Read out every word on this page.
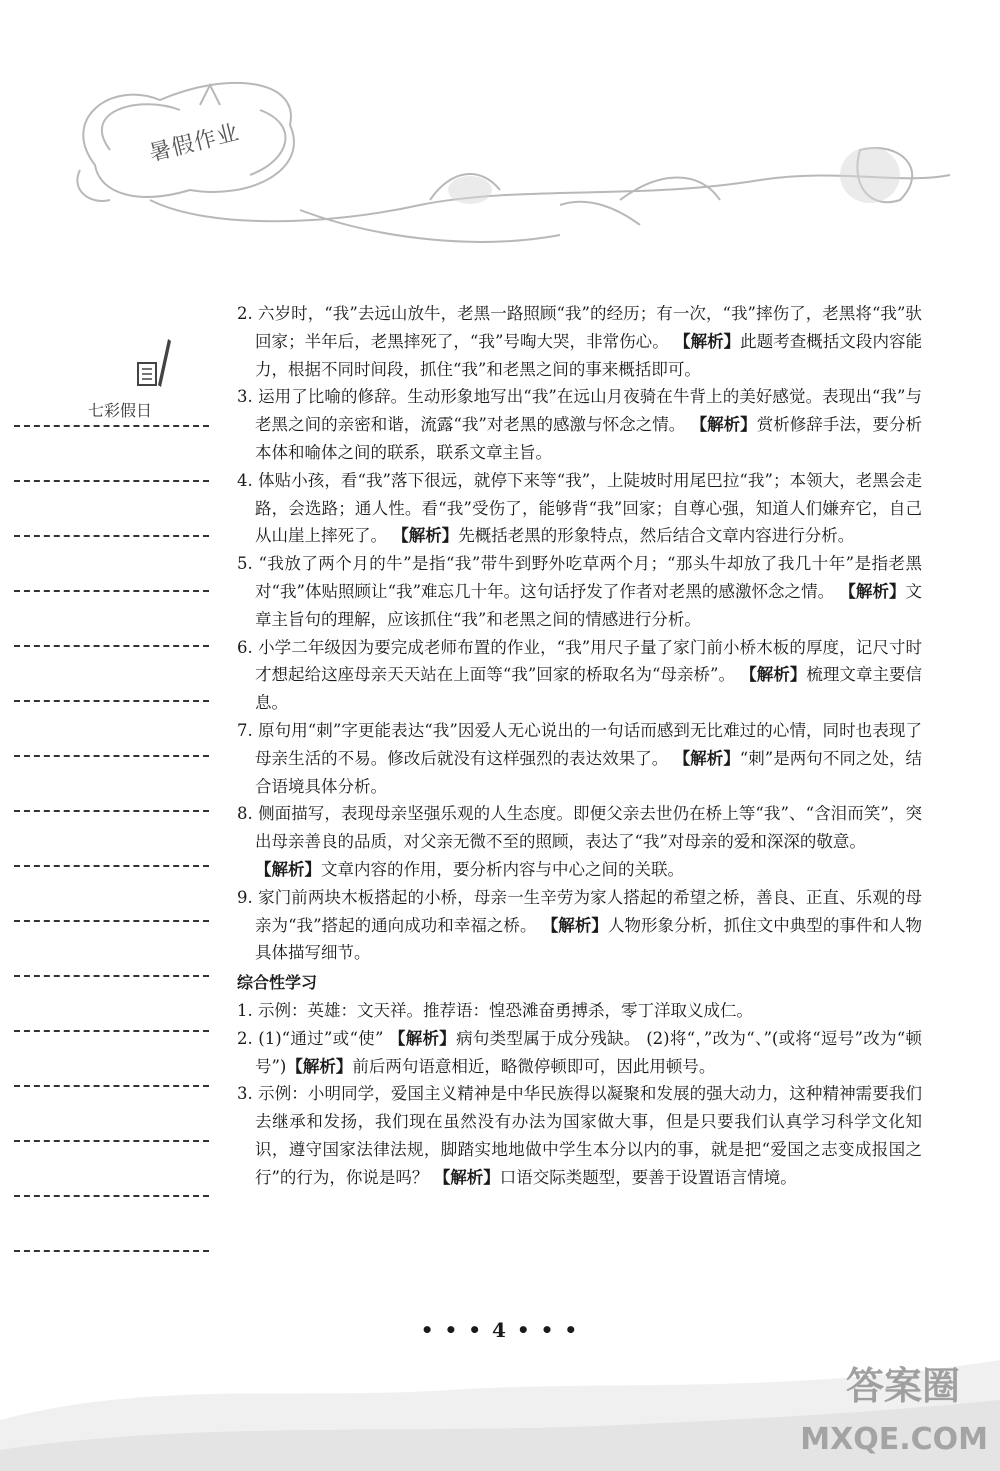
暑假作业
七彩假日

2. 六岁时，“我”去远山放牛，老黑一路照顾“我”的经历；有一次，“我”摔伤了，老黑将“我”驮回家；半年后，老黑摔死了，“我”号啕大哭，非常伤心。 【解析】此题考查概括文段内容能力，根据不同时间段，抓住“我”和老黑之间的事来概括即可。

3. 运用了比喻的修辞。生动形象地写出“我”在远山月夜骑在牛背上的美好感觉。表现出“我”与老黑之间的亲密和谐，流露“我”对老黑的感激与怀念之情。 【解析】赏析修辞手法，要分析本体和喻体之间的联系，联系文章主旨。

4. 体贴小孩，看“我”落下很远，就停下来等“我”，上陡坡时用尾巴拉“我”；本领大，老黑会走路，会选路；通人性。看“我”受伤了，能够背“我”回家；自尊心强，知道人们嫌弃它，自己从山崖上摔死了。 【解析】先概括老黑的形象特点，然后结合文章内容进行分析。

5. “我放了两个月的牛”是指“我”带牛到野外吃草两个月；“那头牛却放了我几十年”是指老黑对“我”体贴照顾让“我”难忘几十年。这句话抒发了作者对老黑的感激怀念之情。 【解析】文章主旨句的理解，应该抓住“我”和老黑之间的情感进行分析。

6. 小学二年级因为要完成老师布置的作业，“我”用尺子量了家门前小桥木板的厚度，记尺寸时才想起给这座母亲天天站在上面等“我”回家的桥取名为“母亲桥”。 【解析】梳理文章主要信息。

7. 原句用“刺”字更能表达“我”因爱人无心说出的一句话而感到无比难过的心情，同时也表现了母亲生活的不易。修改后就没有这样强烈的表达效果了。 【解析】“刺”是两句不同之处，结合语境具体分析。

8. 侧面描写，表现母亲坚强乐观的人生态度。即便父亲去世仍在桥上等“我”、“含泪而笑”，突出母亲善良的品质，对父亲无微不至的照顾，表达了“我”对母亲的爱和深深的敬意。
【解析】文章内容的作用，要分析内容与中心之间的关联。

9. 家门前两块木板搭起的小桥，母亲一生辛劳为家人搭起的希望之桥，善良、正直、乐观的母亲为“我”搭起的通向成功和幸福之桥。 【解析】人物形象分析，抓住文中典型的事件和人物具体描写细节。

综合性学习

1. 示例：英雄：文天祥。推荐语：惶恐滩奋勇搏杀，零丁洋取义成仁。

2. (1)“通过”或“使” 【解析】病句类型属于成分残缺。 (2)将“，”改为“、”(或将“逗号”改为“顿号”)【解析】前后两句语意相近，略微停顿即可，因此用顿号。

3. 示例：小明同学，爱国主义精神是中华民族得以凝聚和发展的强大动力，这种精神需要我们去继承和发扬，我们现在虽然没有办法为国家做大事，但是只要我们认真学习科学文化知识，遵守国家法律法规，脚踏实地地做中学生本分以内的事，就是把“爱国之志变成报国之行”的行为，你说是吗？ 【解析】口语交际类题型，要善于设置语言情境。

• • • 4 • • •
答案圈
MXQE.COM
